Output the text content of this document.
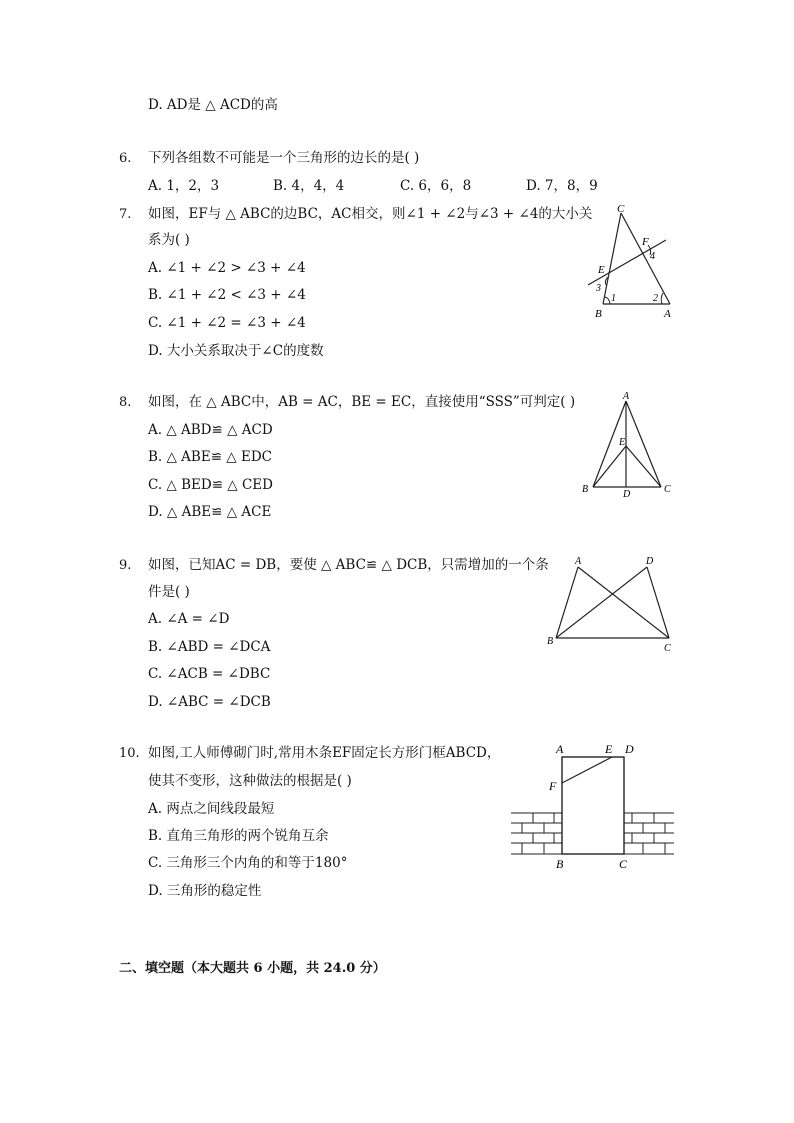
D. AD是 △ ACD的高
6. 下列各组数不可能是一个三角形的边长的是( )
A. 1，2，3	B. 4，4，4	C. 6，6，8	D. 7，8，9
7. 如图，EF与 △ ABC的边BC，AC相交，则∠1 + ∠2与∠3 + ∠4的大小关
系为( )
A. ∠1 + ∠2 > ∠3 + ∠4
B. ∠1 + ∠2 < ∠3 + ∠4
C. ∠1 + ∠2 = ∠3 + ∠4
D. 大小关系取决于∠C的度数
C
F
4
E
3
1	2
B	A
8. 如图，在 △ ABC中，AB = AC，BE = EC，直接使用“SSS”可判定( )
A. △ ABD≌ △ ACD
B. △ ABE≌ △ EDC
C. △ BED≌ △ CED
D. △ ABE≌ △ ACE
A
E
B	D	C
9. 如图，已知AC = DB，要使 △ ABC≌ △ DCB，只需增加的一个条
件是( )
A. ∠A = ∠D
B. ∠ABD = ∠DCA
C. ∠ACB = ∠DBC
D. ∠ABC = ∠DCB
A	D
B
C
10. 如图,工人师傅砌门时,常用木条EF固定长方形门框ABCD，
使其不变形，这种做法的根据是( )
A. 两点之间线段最短
B. 直角三角形的两个锐角互余
C. 三角形三个内角的和等于180°
D. 三角形的稳定性
A	E D
F
B	C
二、填空题（本大题共 6 小题，共 24.0 分）
